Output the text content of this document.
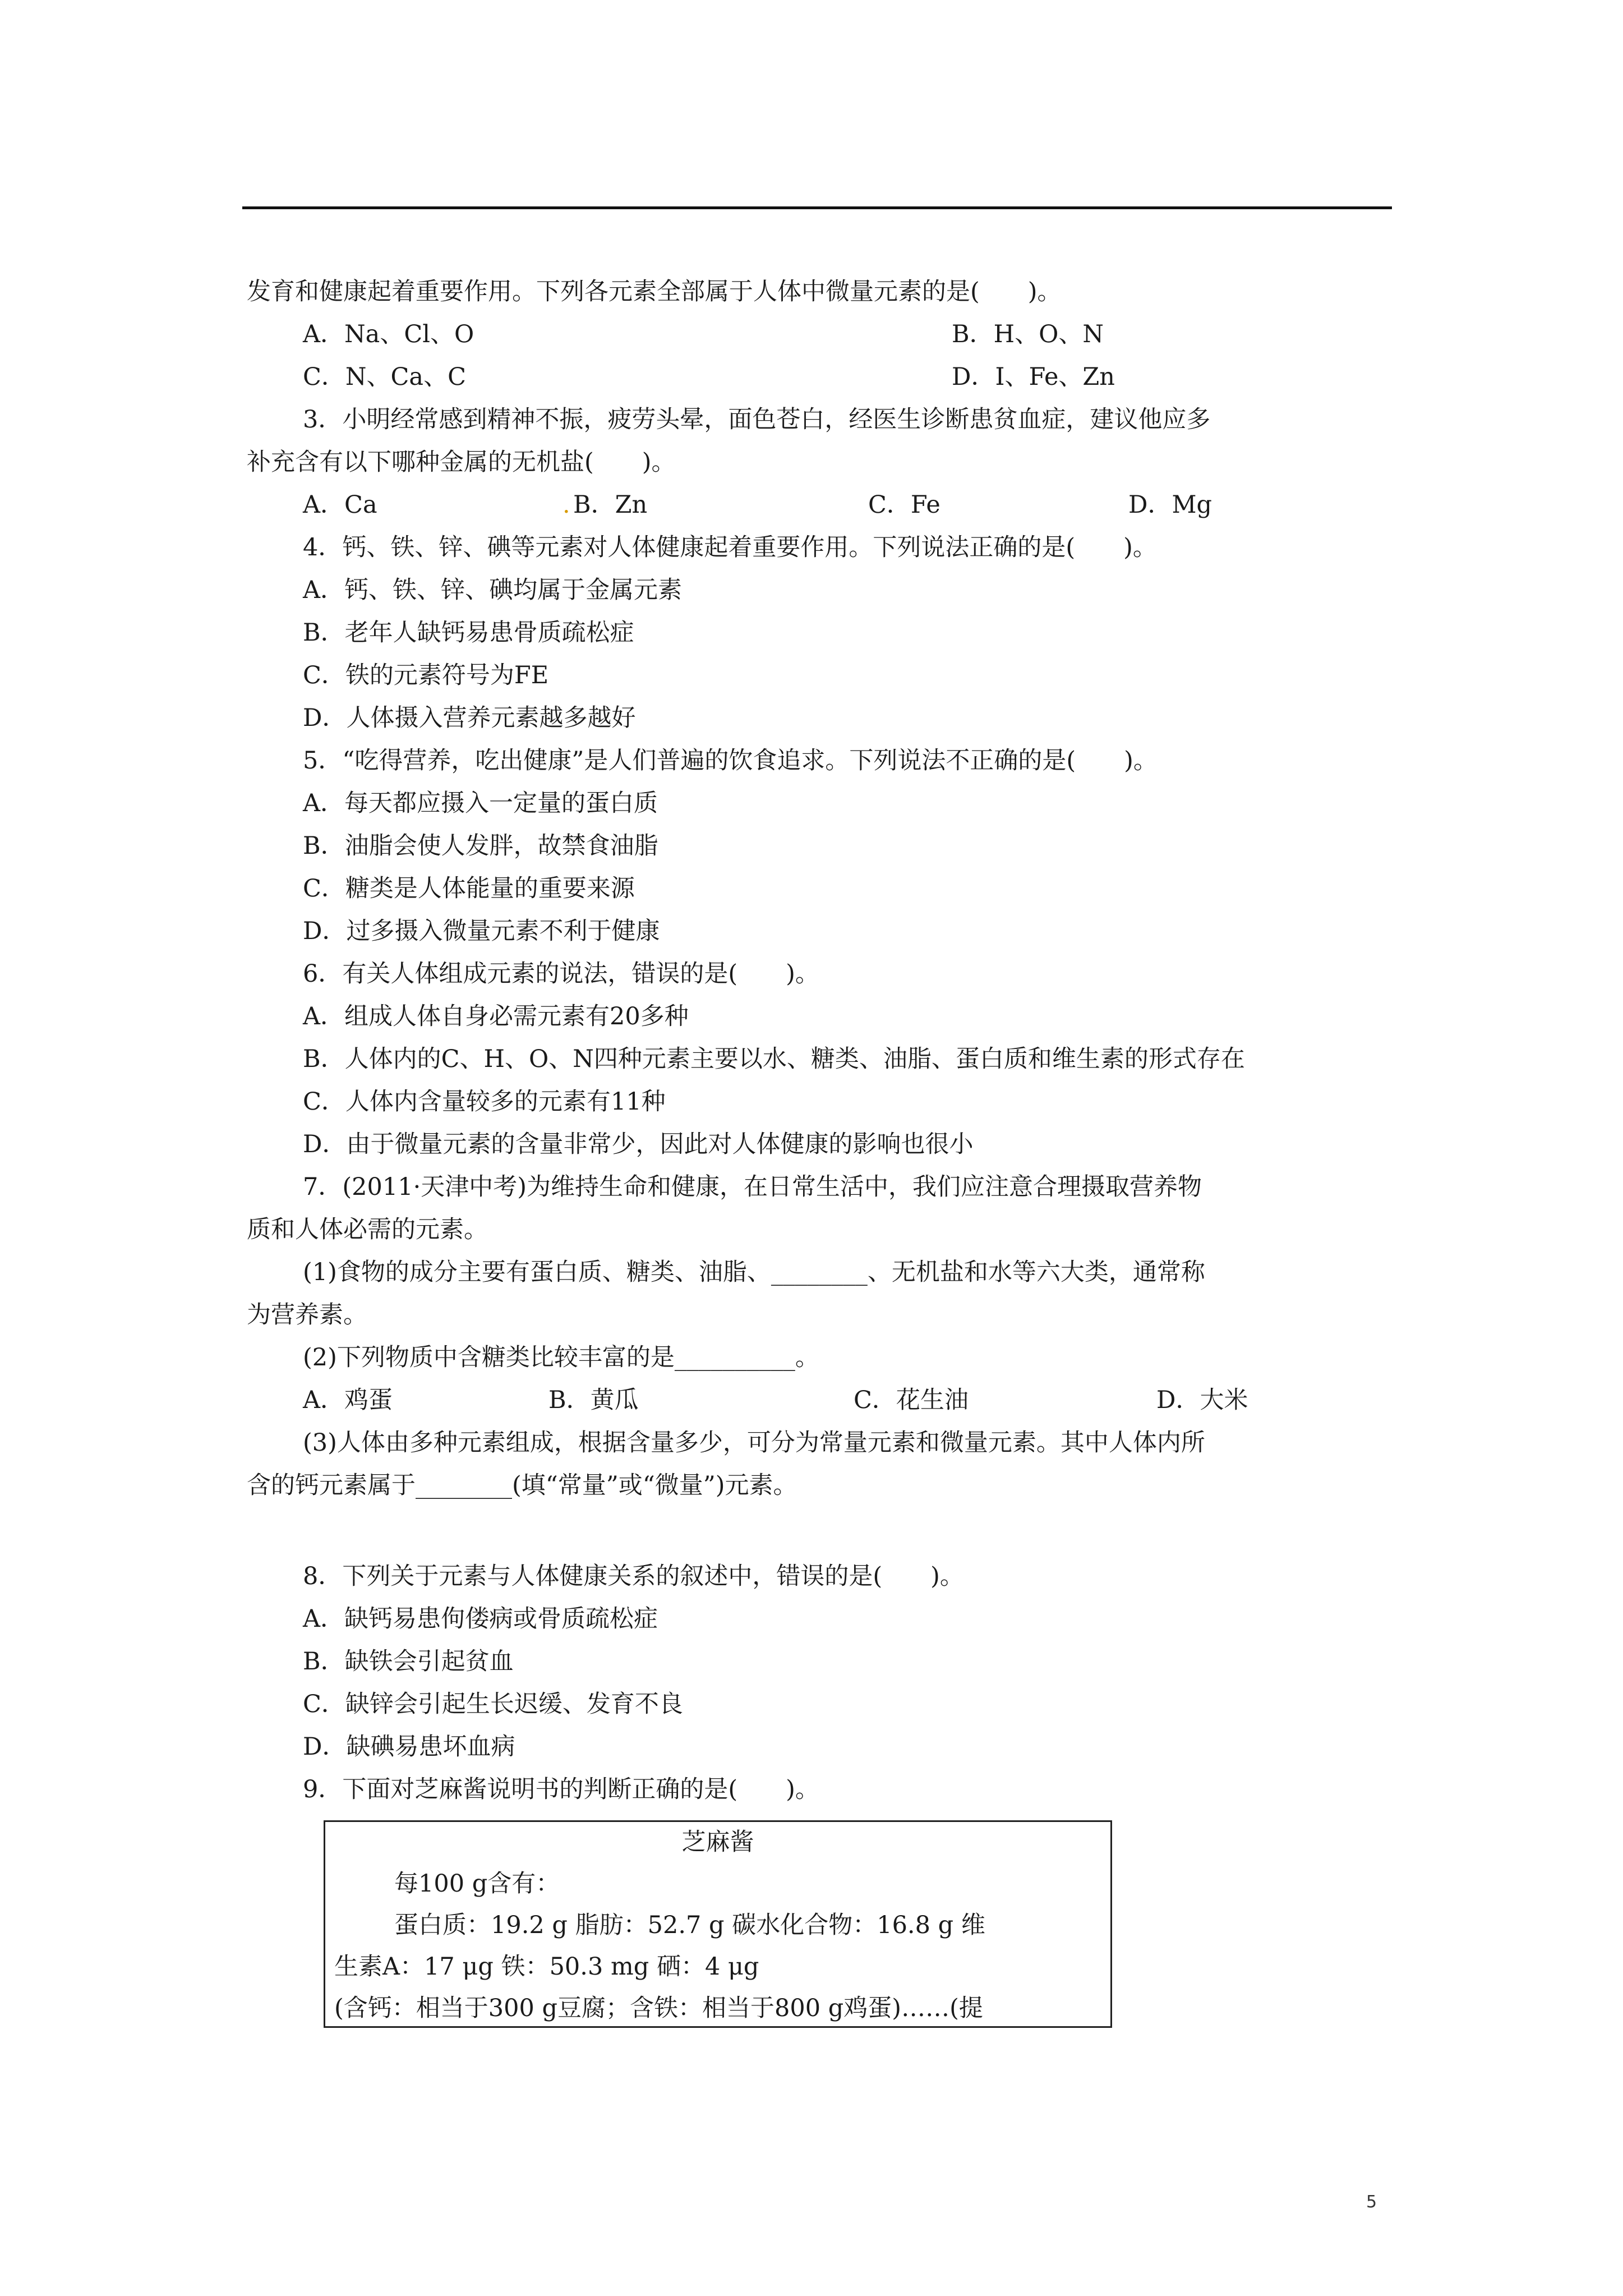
发育和健康起着重要作用。下列各元素全部属于人体中微量元素的是(　　)。
A．Na、Cl、O	B．H、O、N
C．N、Ca、C	D．I、Fe、Zn
3．小明经常感到精神不振，疲劳头晕，面色苍白，经医生诊断患贫血症，建议他应多
补充含有以下哪种金属的无机盐(　　)。
A．Ca	. B．Zn	C．Fe	D．Mg
4．钙、铁、锌、碘等元素对人体健康起着重要作用。下列说法正确的是(　　)。
A．钙、铁、锌、碘均属于金属元素
B．老年人缺钙易患骨质疏松症
C．铁的元素符号为FE
D．人体摄入营养元素越多越好
5．“吃得营养，吃出健康”是人们普遍的饮食追求。下列说法不正确的是(　　)。
A．每天都应摄入一定量的蛋白质
B．油脂会使人发胖，故禁食油脂
C．糖类是人体能量的重要来源
D．过多摄入微量元素不利于健康
6．有关人体组成元素的说法，错误的是(　　)。
A．组成人体自身必需元素有20多种
B．人体内的C、H、O、N四种元素主要以水、糖类、油脂、蛋白质和维生素的形式存在
C．人体内含量较多的元素有11种
D．由于微量元素的含量非常少，因此对人体健康的影响也很小
7．(2011·天津中考)为维持生命和健康，在日常生活中，我们应注意合理摄取营养物
质和人体必需的元素。
(1)食物的成分主要有蛋白质、糖类、油脂、________、无机盐和水等六大类，通常称
为营养素。
(2)下列物质中含糖类比较丰富的是__________。
A．鸡蛋	B．黄瓜	C．花生油	D．大米
(3)人体由多种元素组成，根据含量多少，可分为常量元素和微量元素。其中人体内所
含的钙元素属于________(填“常量”或“微量”)元素。
8．下列关于元素与人体健康关系的叙述中，错误的是(　　)。
A．缺钙易患佝偻病或骨质疏松症
B．缺铁会引起贫血
C．缺锌会引起生长迟缓、发育不良
D．缺碘易患坏血病
9．下面对芝麻酱说明书的判断正确的是(　　)。
芝麻酱
每100 g含有：
蛋白质：19.2 g 脂肪：52.7 g 碳水化合物：16.8 g 维
生素A：17 μg 铁：50.3 mg 硒：4 μg
(含钙：相当于300 g豆腐；含铁：相当于800 g鸡蛋)……(提
5
